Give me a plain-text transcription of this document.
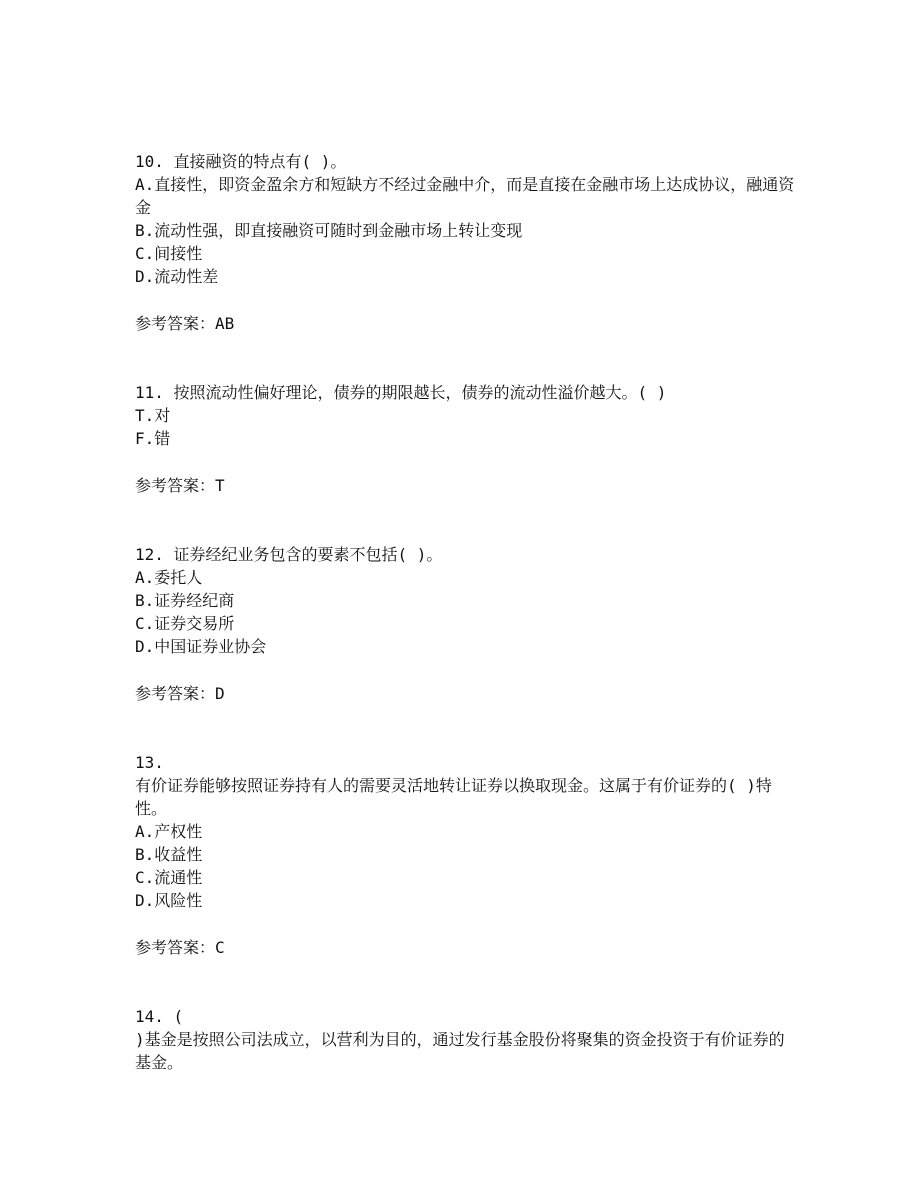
10. 直接融资的特点有( )。

A.直接性，即资金盈余方和短缺方不经过金融中介，而是直接在金融市场上达成协议，融通资金

B.流动性强，即直接融资可随时到金融市场上转让变现

C.间接性

D.流动性差

参考答案：AB

11. 按照流动性偏好理论，债券的期限越长，债券的流动性溢价越大。( )

T.对

F.错

参考答案：T

12. 证券经纪业务包含的要素不包括( )。

A.委托人

B.证券经纪商

C.证券交易所

D.中国证券业协会

参考答案：D

13.

有价证券能够按照证券持有人的需要灵活地转让证券以换取现金。这属于有价证券的( )特性。

A.产权性

B.收益性

C.流通性

D.风险性

参考答案：C

14. (

)基金是按照公司法成立，以营利为目的，通过发行基金股份将聚集的资金投资于有价证券的基金。
